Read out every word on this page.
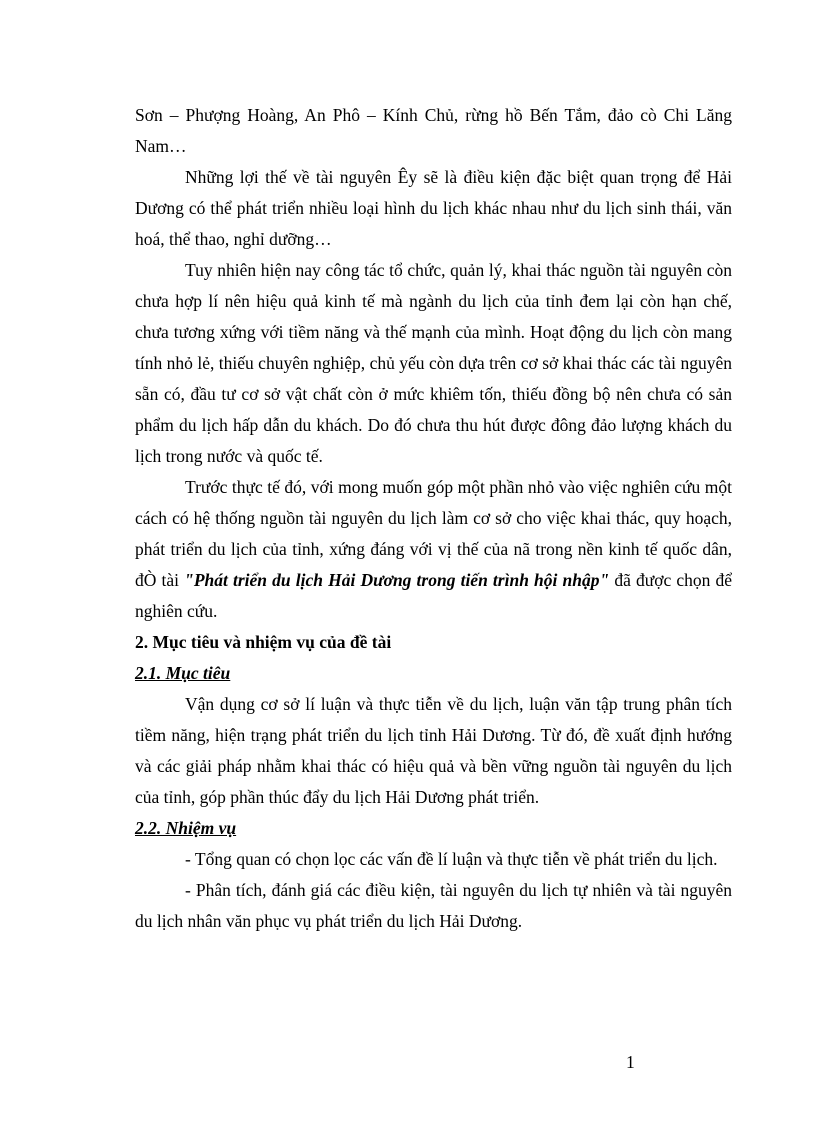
Sơn – Phượng Hoàng, An Phô – Kính Chủ, rừng hồ Bến Tắm, đảo cò Chi Lăng Nam…

Những lợi thế về tài nguyên Êy sẽ là điều kiện đặc biệt quan trọng để Hải Dương có thể phát triển nhiều loại hình du lịch khác nhau như du lịch sinh thái, văn hoá, thể thao, nghỉ dưỡng…

Tuy nhiên hiện nay công tác tổ chức, quản lý, khai thác nguồn tài nguyên còn chưa hợp lí nên hiệu quả kinh tế mà ngành du lịch của tỉnh đem lại còn hạn chế, chưa tương xứng với tiềm năng và thế mạnh của mình. Hoạt động du lịch còn mang tính nhỏ lẻ, thiếu chuyên nghiệp, chủ yếu còn dựa trên cơ sở khai thác các tài nguyên sẵn có, đầu tư cơ sở vật chất còn ở mức khiêm tốn, thiếu đồng bộ nên chưa có sản phẩm du lịch hấp dẫn du khách. Do đó chưa thu hút được đông đảo lượng khách du lịch trong nước và quốc tế.

Trước thực tế đó, với mong muốn góp một phần nhỏ vào việc nghiên cứu một cách có hệ thống nguồn tài nguyên du lịch làm cơ sở cho việc khai thác, quy hoạch, phát triển du lịch của tỉnh, xứng đáng với vị thế của nã trong nền kinh tế quốc dân, đÒ tài "Phát triển du lịch Hải Dương trong tiến trình hội nhập" đã được chọn để nghiên cứu.

2. Mục tiêu và nhiệm vụ của đề tài

2.1. Mục tiêu

Vận dụng cơ sở lí luận và thực tiễn về du lịch, luận văn tập trung phân tích tiềm năng, hiện trạng phát triển du lịch tỉnh Hải Dương. Từ đó, đề xuất định hướng và các giải pháp nhằm khai thác có hiệu quả và bền vững nguồn tài nguyên du lịch của tỉnh, góp phần thúc đẩy du lịch Hải Dương phát triển.

2.2. Nhiệm vụ

- Tổng quan có chọn lọc các vấn đề lí luận và thực tiễn về phát triển du lịch.

- Phân tích, đánh giá các điều kiện, tài nguyên du lịch tự nhiên và tài nguyên du lịch nhân văn phục vụ phát triển du lịch Hải Dương.

1
